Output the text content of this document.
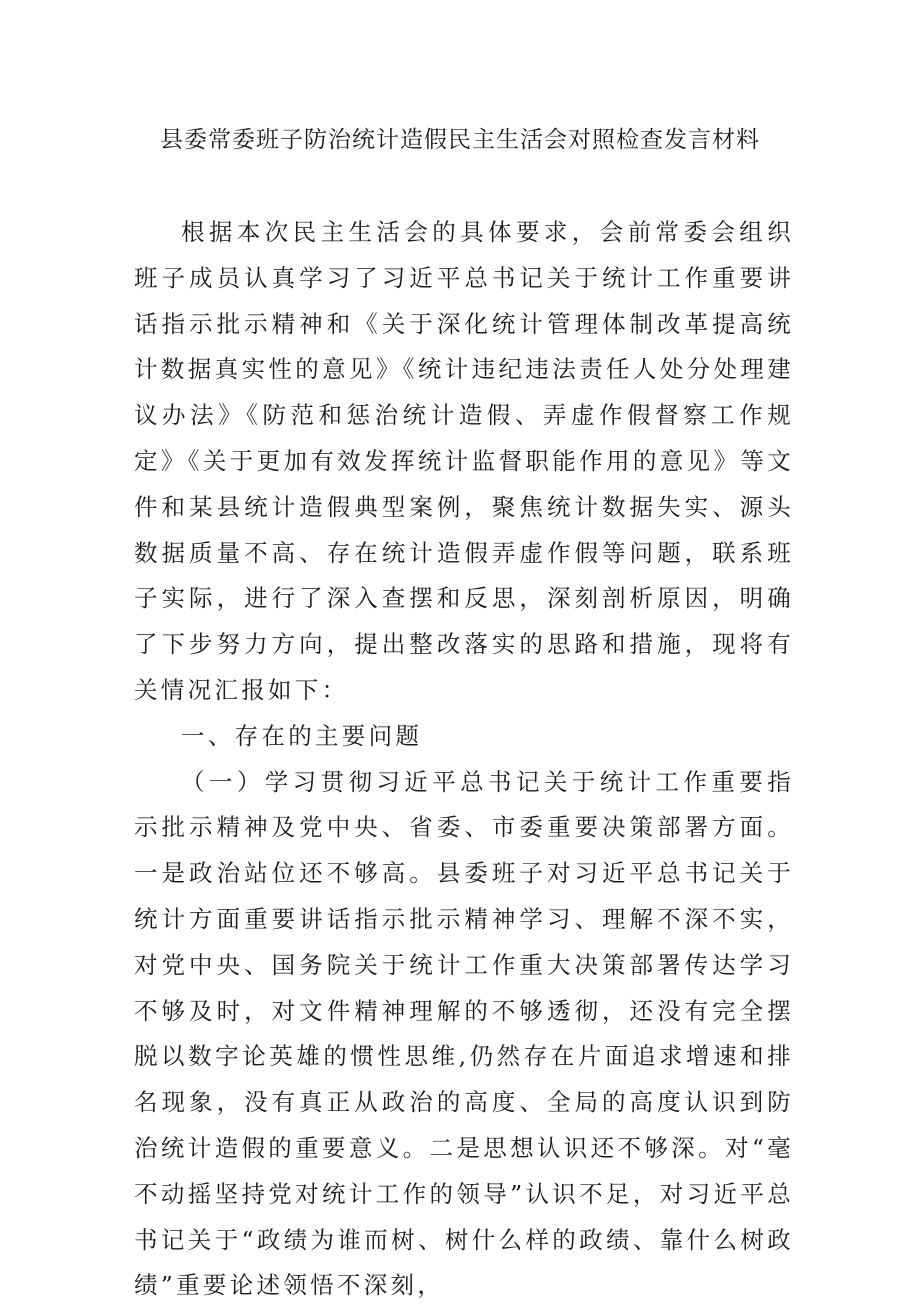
县委常委班子防治统计造假民主生活会对照检查发言材料

根据本次民主生活会的具体要求，会前常委会组织班子成员认真学习了习近平总书记关于统计工作重要讲话指示批示精神和《关于深化统计管理体制改革提高统计数据真实性的意见》《统计违纪违法责任人处分处理建议办法》《防范和惩治统计造假、弄虚作假督察工作规定》《关于更加有效发挥统计监督职能作用的意见》等文件和某县统计造假典型案例，聚焦统计数据失实、源头数据质量不高、存在统计造假弄虚作假等问题，联系班子实际，进行了深入查摆和反思，深刻剖析原因，明确了下步努力方向，提出整改落实的思路和措施，现将有关情况汇报如下：

一、存在的主要问题

（一）学习贯彻习近平总书记关于统计工作重要指示批示精神及党中央、省委、市委重要决策部署方面。一是政治站位还不够高。县委班子对习近平总书记关于统计方面重要讲话指示批示精神学习、理解不深不实，对党中央、国务院关于统计工作重大决策部署传达学习不够及时，对文件精神理解的不够透彻，还没有完全摆脱以数字论英雄的惯性思维,仍然存在片面追求增速和排名现象，没有真正从政治的高度、全局的高度认识到防治统计造假的重要意义。二是思想认识还不够深。对“毫不动摇坚持党对统计工作的领导”认识不足，对习近平总书记关于“政绩为谁而树、树什么样的政绩、靠什么树政绩”重要论述领悟不深刻，
